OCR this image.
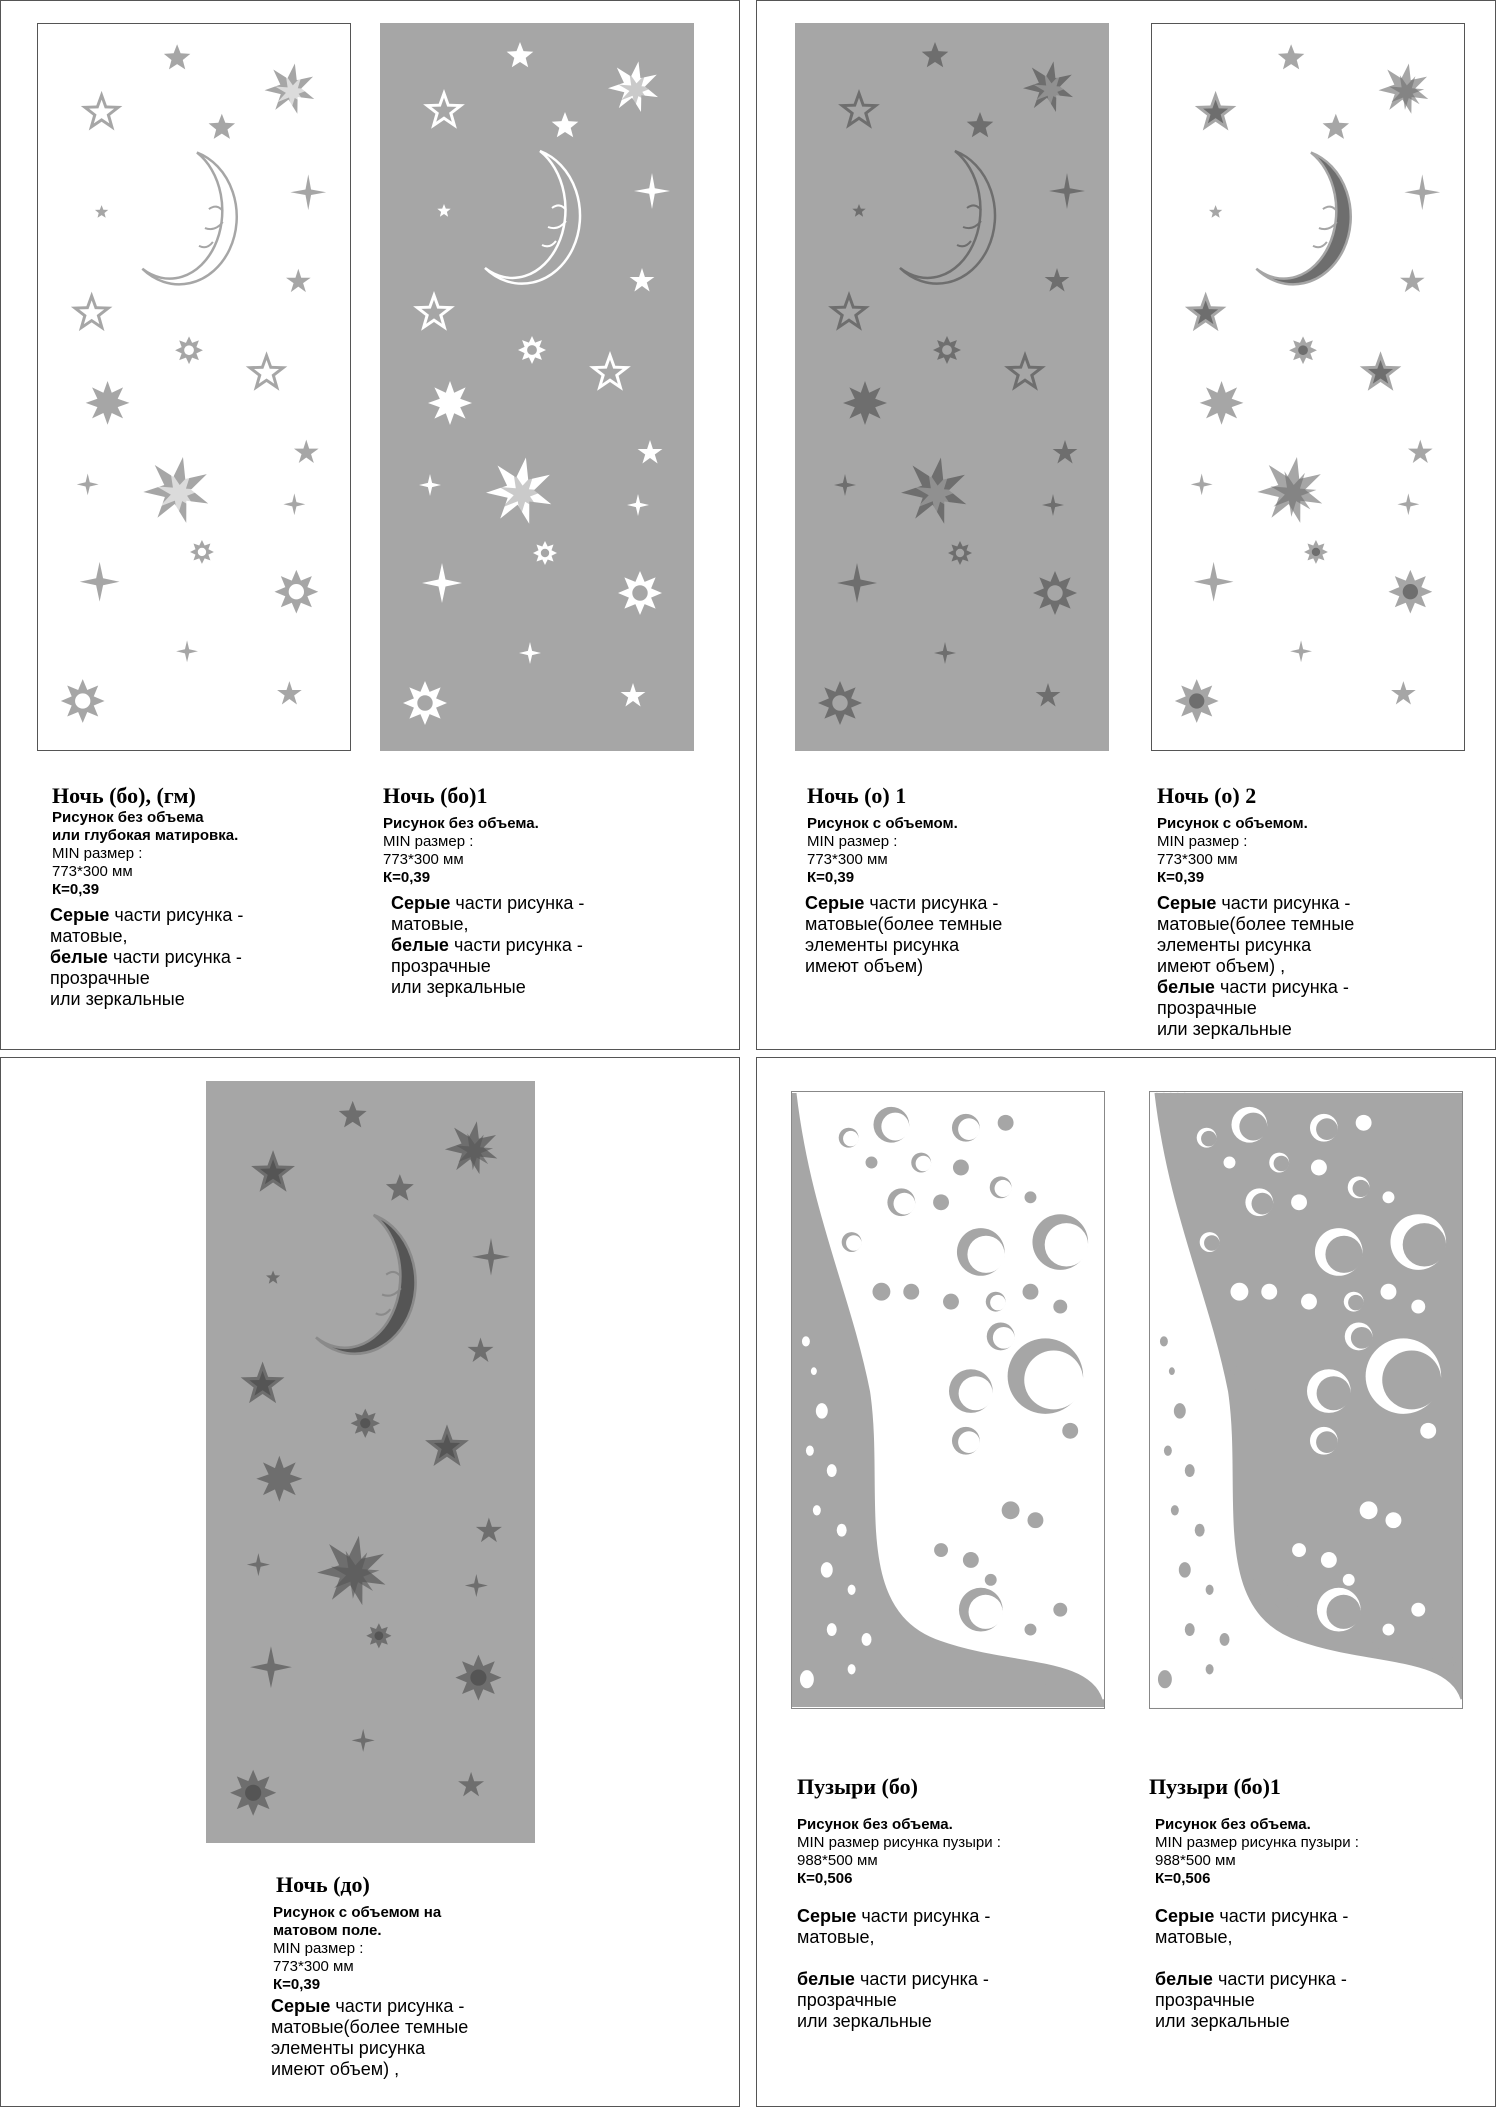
Ночь (бо), (гм)
Рисунок без объема
или глубокая матировка.
MIN размер :
773*300 мм
К=0,39
Серые части рисунка -
матовые,
белые части рисунка -
прозрачные
или зеркальные
Ночь (бо)1
Рисунок без объема.
MIN размер :
773*300 мм
К=0,39
Серые части рисунка -
матовые,
белые части рисунка -
прозрачные
или зеркальные
Ночь (о) 1
Рисунок с объемом.
MIN размер :
773*300 мм
К=0,39
Серые части рисунка -
матовые(более темные
элементы рисунка
имеют объем)
Ночь (о) 2
Рисунок с объемом.
MIN размер :
773*300 мм
К=0,39
Серые части рисунка -
матовые(более темные
элементы рисунка
имеют объем) ,
белые части рисунка -
прозрачные
или зеркальные
Ночь (до)
Рисунок с объемом на
матовом поле.
MIN размер :
773*300 мм
К=0,39
Серые части рисунка -
матовые(более темные
элементы рисунка
имеют объем) ,
Пузыри (бо)
Рисунок без объема.
MIN размер рисунка пузыри :
988*500 мм
К=0,506
Серые части рисунка -
матовые,
белые части рисунка -
прозрачные
или зеркальные
Пузыри (бо)1
Рисунок без объема.
MIN размер рисунка пузыри :
988*500 мм
К=0,506
Серые части рисунка -
матовые,
белые части рисунка -
прозрачные
или зеркальные
